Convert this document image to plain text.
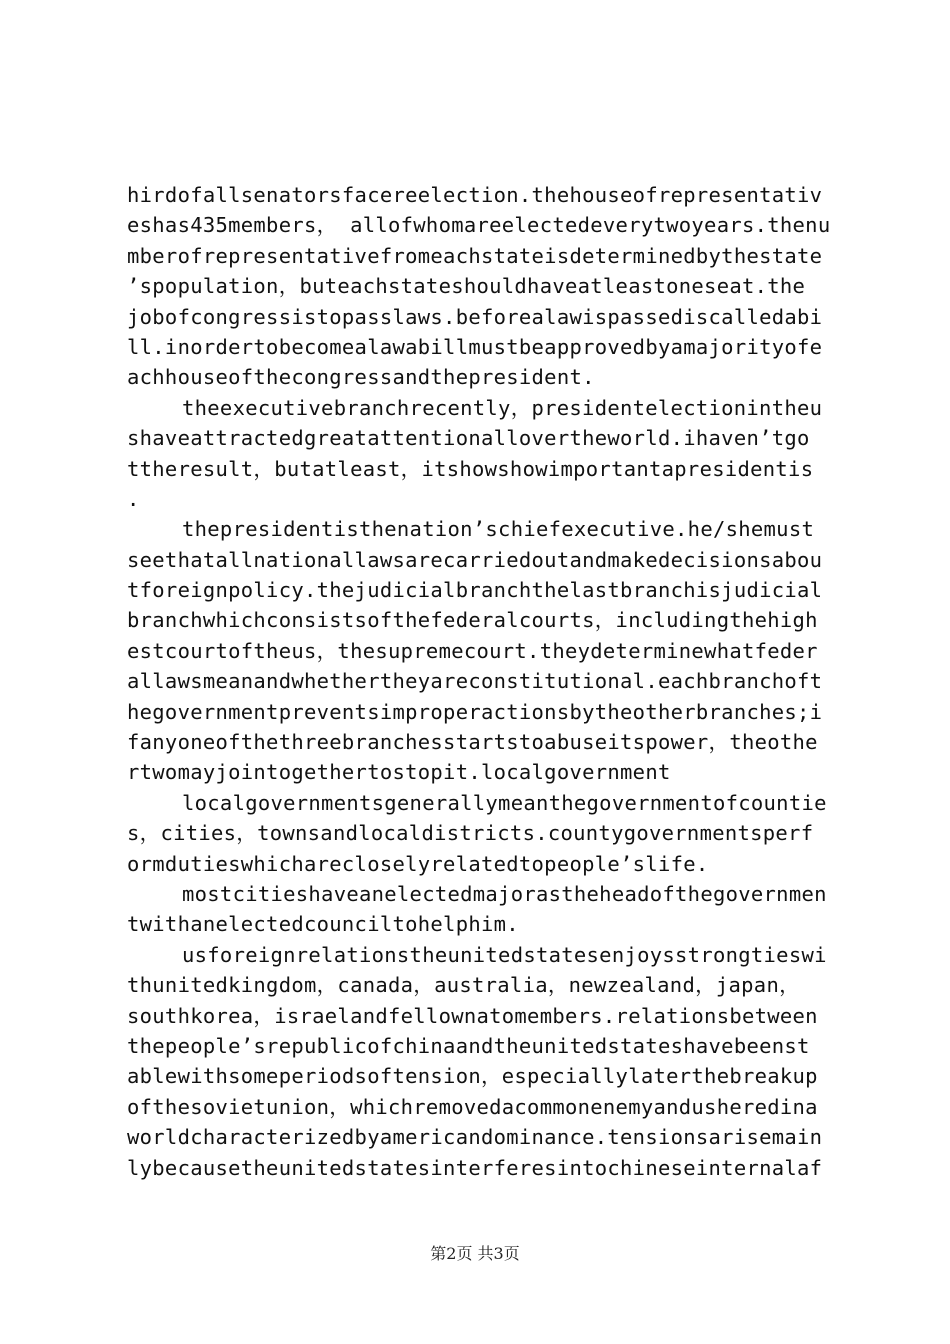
hirdofallsenatorsfacereelection.thehouseofrepresentativ
eshas435members， allofwhomareelectedeverytwoyears.thenu
mberofrepresentativefromeachstateisdeterminedbythestate
’spopulation，buteachstateshouldhaveatleastoneseat.the
jobofcongressistopasslaws.beforealawispassediscalledabi
ll.inordertobecomealawabillmustbeapprovedbyamajorityofe
achhouseofthecongressandthepresident.
theexecutivebranchrecently，presidentelectionintheu
shaveattractedgreatattentionallovertheworld.ihaven’tgo
ttheresult，butatleast，itshowshowimportantapresidentis
.
thepresidentisthenation’schiefexecutive.he/shemust
seethatallnationallawsarecarriedoutandmakedecisionsabou
tforeignpolicy.thejudicialbranchthelastbranchisjudicial
branchwhichconsistsofthefederalcourts，includingthehigh
estcourtoftheus，thesupremecourt.theydeterminewhatfeder
allawsmeanandwhethertheyareconstitutional.eachbranchoft
hegovernmentpreventsimproperactionsbytheotherbranches;i
fanyoneofthethreebranchesstartstoabuseitspower，theothe
rtwomayjointogethertostopit.localgovernment
localgovernmentsgenerallymeanthegovernmentofcountie
s，cities，townsandlocaldistricts.countygovernmentsperf
ormdutieswhicharecloselyrelatedtopeople’slife.
mostcitieshaveanelectedmajorastheheadofthegovernmen
twithanelectedcounciltohelphim.
usforeignrelationstheunitedstatesenjoysstrongtieswi
thunitedkingdom，canada，australia，newzealand，japan，
southkorea，israelandfellownatomembers.relationsbetween
thepeople’srepublicofchinaandtheunitedstateshavebeenst
ablewithsomeperiodsoftension，especiallylaterthebreakup
ofthesovietunion，whichremovedacommonenemyandusheredina
worldcharacterizedbyamericandominance.tensionsarisemain
lybecausetheunitedstatesinterferesintochineseinternalaf
第2页 共3页
